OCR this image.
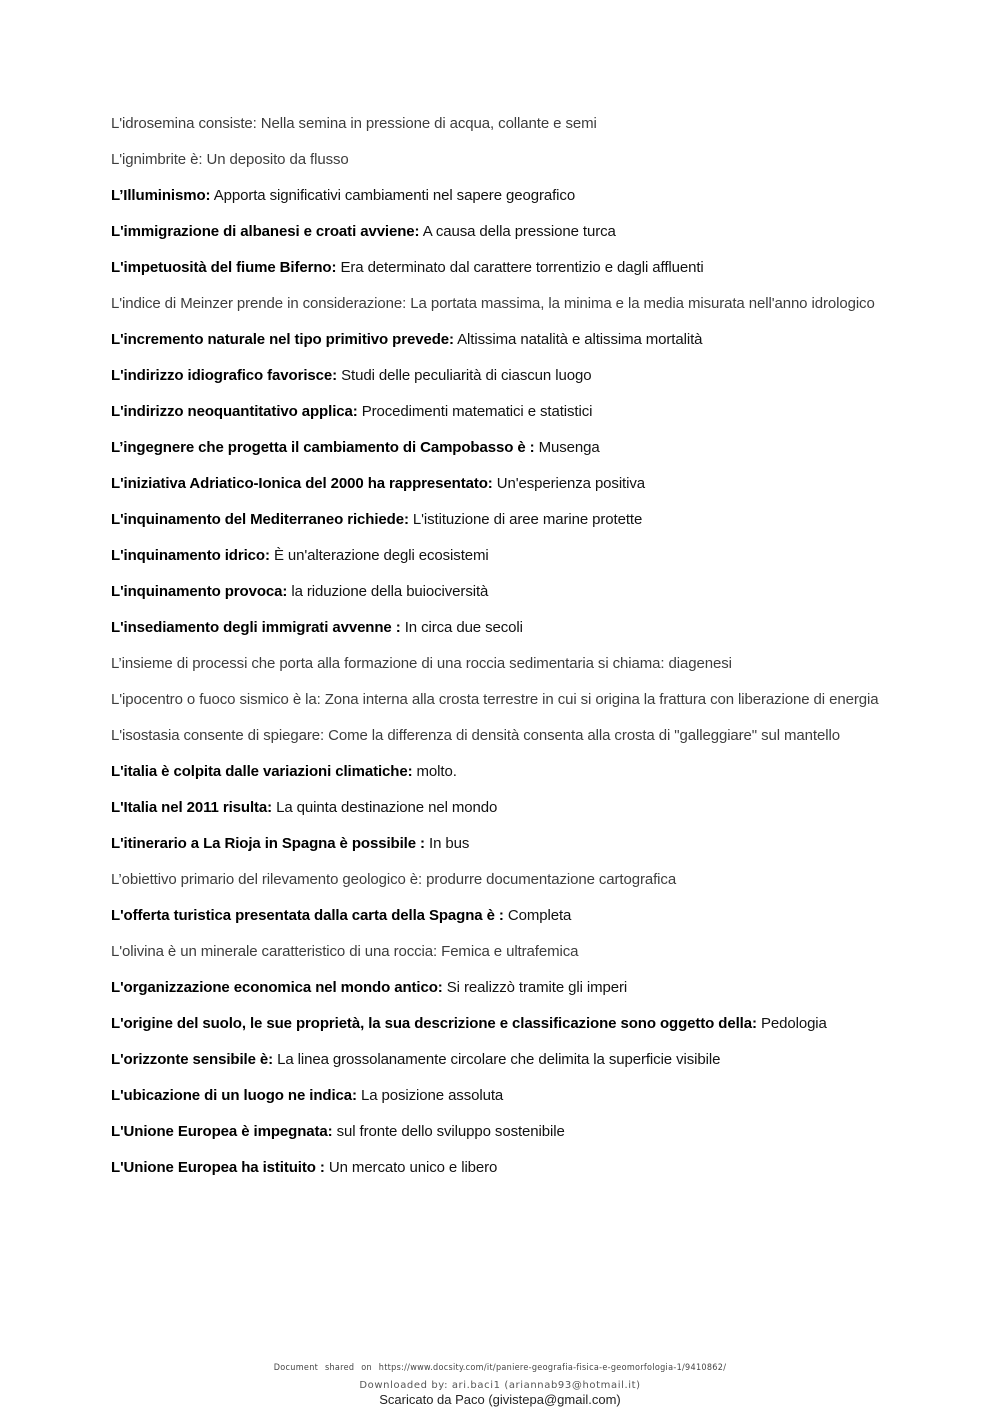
L'idrosemina consiste: Nella semina in pressione di acqua, collante e semi

L'ignimbrite è: Un deposito da flusso

L’Illuminismo: Apporta significativi cambiamenti nel sapere geografico

L'immigrazione di albanesi e croati avviene: A causa della pressione turca

L'impetuosità del fiume Biferno: Era determinato dal carattere torrentizio e dagli affluenti

L'indice di Meinzer prende in considerazione: La portata massima, la minima e la media misurata nell'anno idrologico

L'incremento naturale nel tipo primitivo prevede: Altissima natalità e altissima mortalità

L'indirizzo idiografico favorisce: Studi delle peculiarità di ciascun luogo

L'indirizzo neoquantitativo applica: Procedimenti matematici e statistici

L’ingegnere che progetta il cambiamento di Campobasso è : Musenga

L'iniziativa Adriatico-Ionica del 2000 ha rappresentato: Un'esperienza positiva

L'inquinamento del Mediterraneo richiede: L'istituzione di aree marine protette

L'inquinamento idrico: È un'alterazione degli ecosistemi

L'inquinamento provoca: la riduzione della buiociversità

L'insediamento degli immigrati avvenne : In circa due secoli

L’insieme di processi che porta alla formazione di una roccia sedimentaria si chiama: diagenesi

L'ipocentro o fuoco sismico è la: Zona interna alla crosta terrestre in cui si origina la frattura con liberazione di energia

L'isostasia consente di spiegare: Come la differenza di densità consenta alla crosta di "galleggiare" sul mantello

L'italia è colpita dalle variazioni climatiche: molto.

L'Italia nel 2011 risulta: La quinta destinazione nel mondo

L'itinerario a La Rioja in Spagna è possibile : In bus

L’obiettivo primario del rilevamento geologico è: produrre documentazione cartografica

L'offerta turistica presentata dalla carta della Spagna è : Completa

L'olivina è un minerale caratteristico di una roccia: Femica e ultrafemica

L'organizzazione economica nel mondo antico: Si realizzò tramite gli imperi

L'origine del suolo, le sue proprietà, la sua descrizione e classificazione sono oggetto della: Pedologia

L'orizzonte sensibile è: La linea grossolanamente circolare che delimita la superficie visibile

L'ubicazione di un luogo ne indica: La posizione assoluta

L'Unione Europea è impegnata: sul fronte dello sviluppo sostenibile

L'Unione Europea ha istituito : Un mercato unico e libero

Document shared on https://www.docsity.com/it/paniere-geografia-fisica-e-geomorfologia-1/9410862/
Downloaded by: ari.baci1 (ariannab93@hotmail.it)
Scaricato da Paco (givistepa@gmail.com)
